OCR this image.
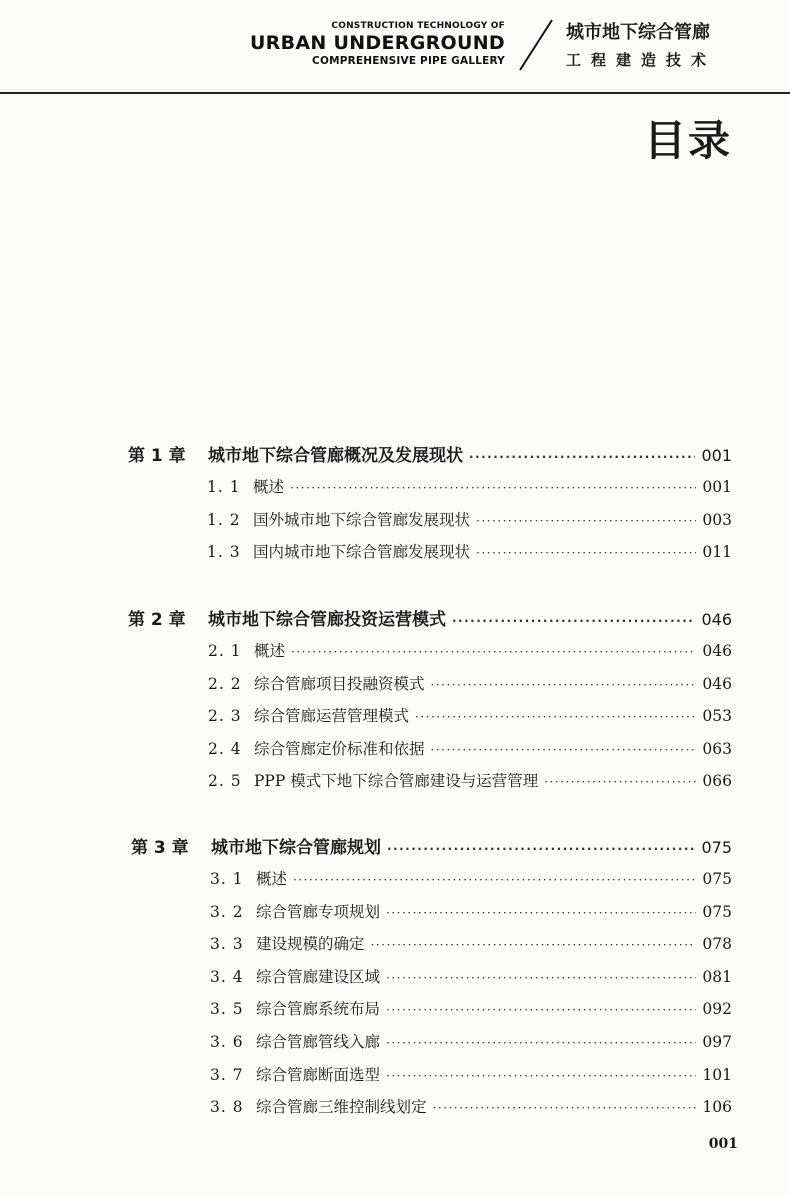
CONSTRUCTION TECHNOLOGY OF
URBAN UNDERGROUND
COMPREHENSIVE PIPE GALLERY
城市地下综合管廊
工程建造技术
目录
第 1 章	城市地下综合管廊概况及发展现状 ·····	001
1. 1 概述 ·····	001
1. 2 国外城市地下综合管廊发展现状 ·····	003
1. 3 国内城市地下综合管廊发展现状 ·····	011
第 2 章	城市地下综合管廊投资运营模式 ·····	046
2. 1 概述 ·····	046
2. 2 综合管廊项目投融资模式 ·····	046
2. 3 综合管廊运营管理模式 ·····	053
2. 4 综合管廊定价标准和依据 ·····	063
2. 5 PPP 模式下地下综合管廊建设与运营管理 ·····	066
第 3 章	城市地下综合管廊规划 ·····	075
3. 1 概述 ·····	075
3. 2 综合管廊专项规划 ·····	075
3. 3 建设规模的确定 ·····	078
3. 4 综合管廊建设区域 ·····	081
3. 5 综合管廊系统布局 ·····	092
3. 6 综合管廊管线入廊 ·····	097
3. 7 综合管廊断面选型 ·····	101
3. 8 综合管廊三维控制线划定 ·····	106
001
